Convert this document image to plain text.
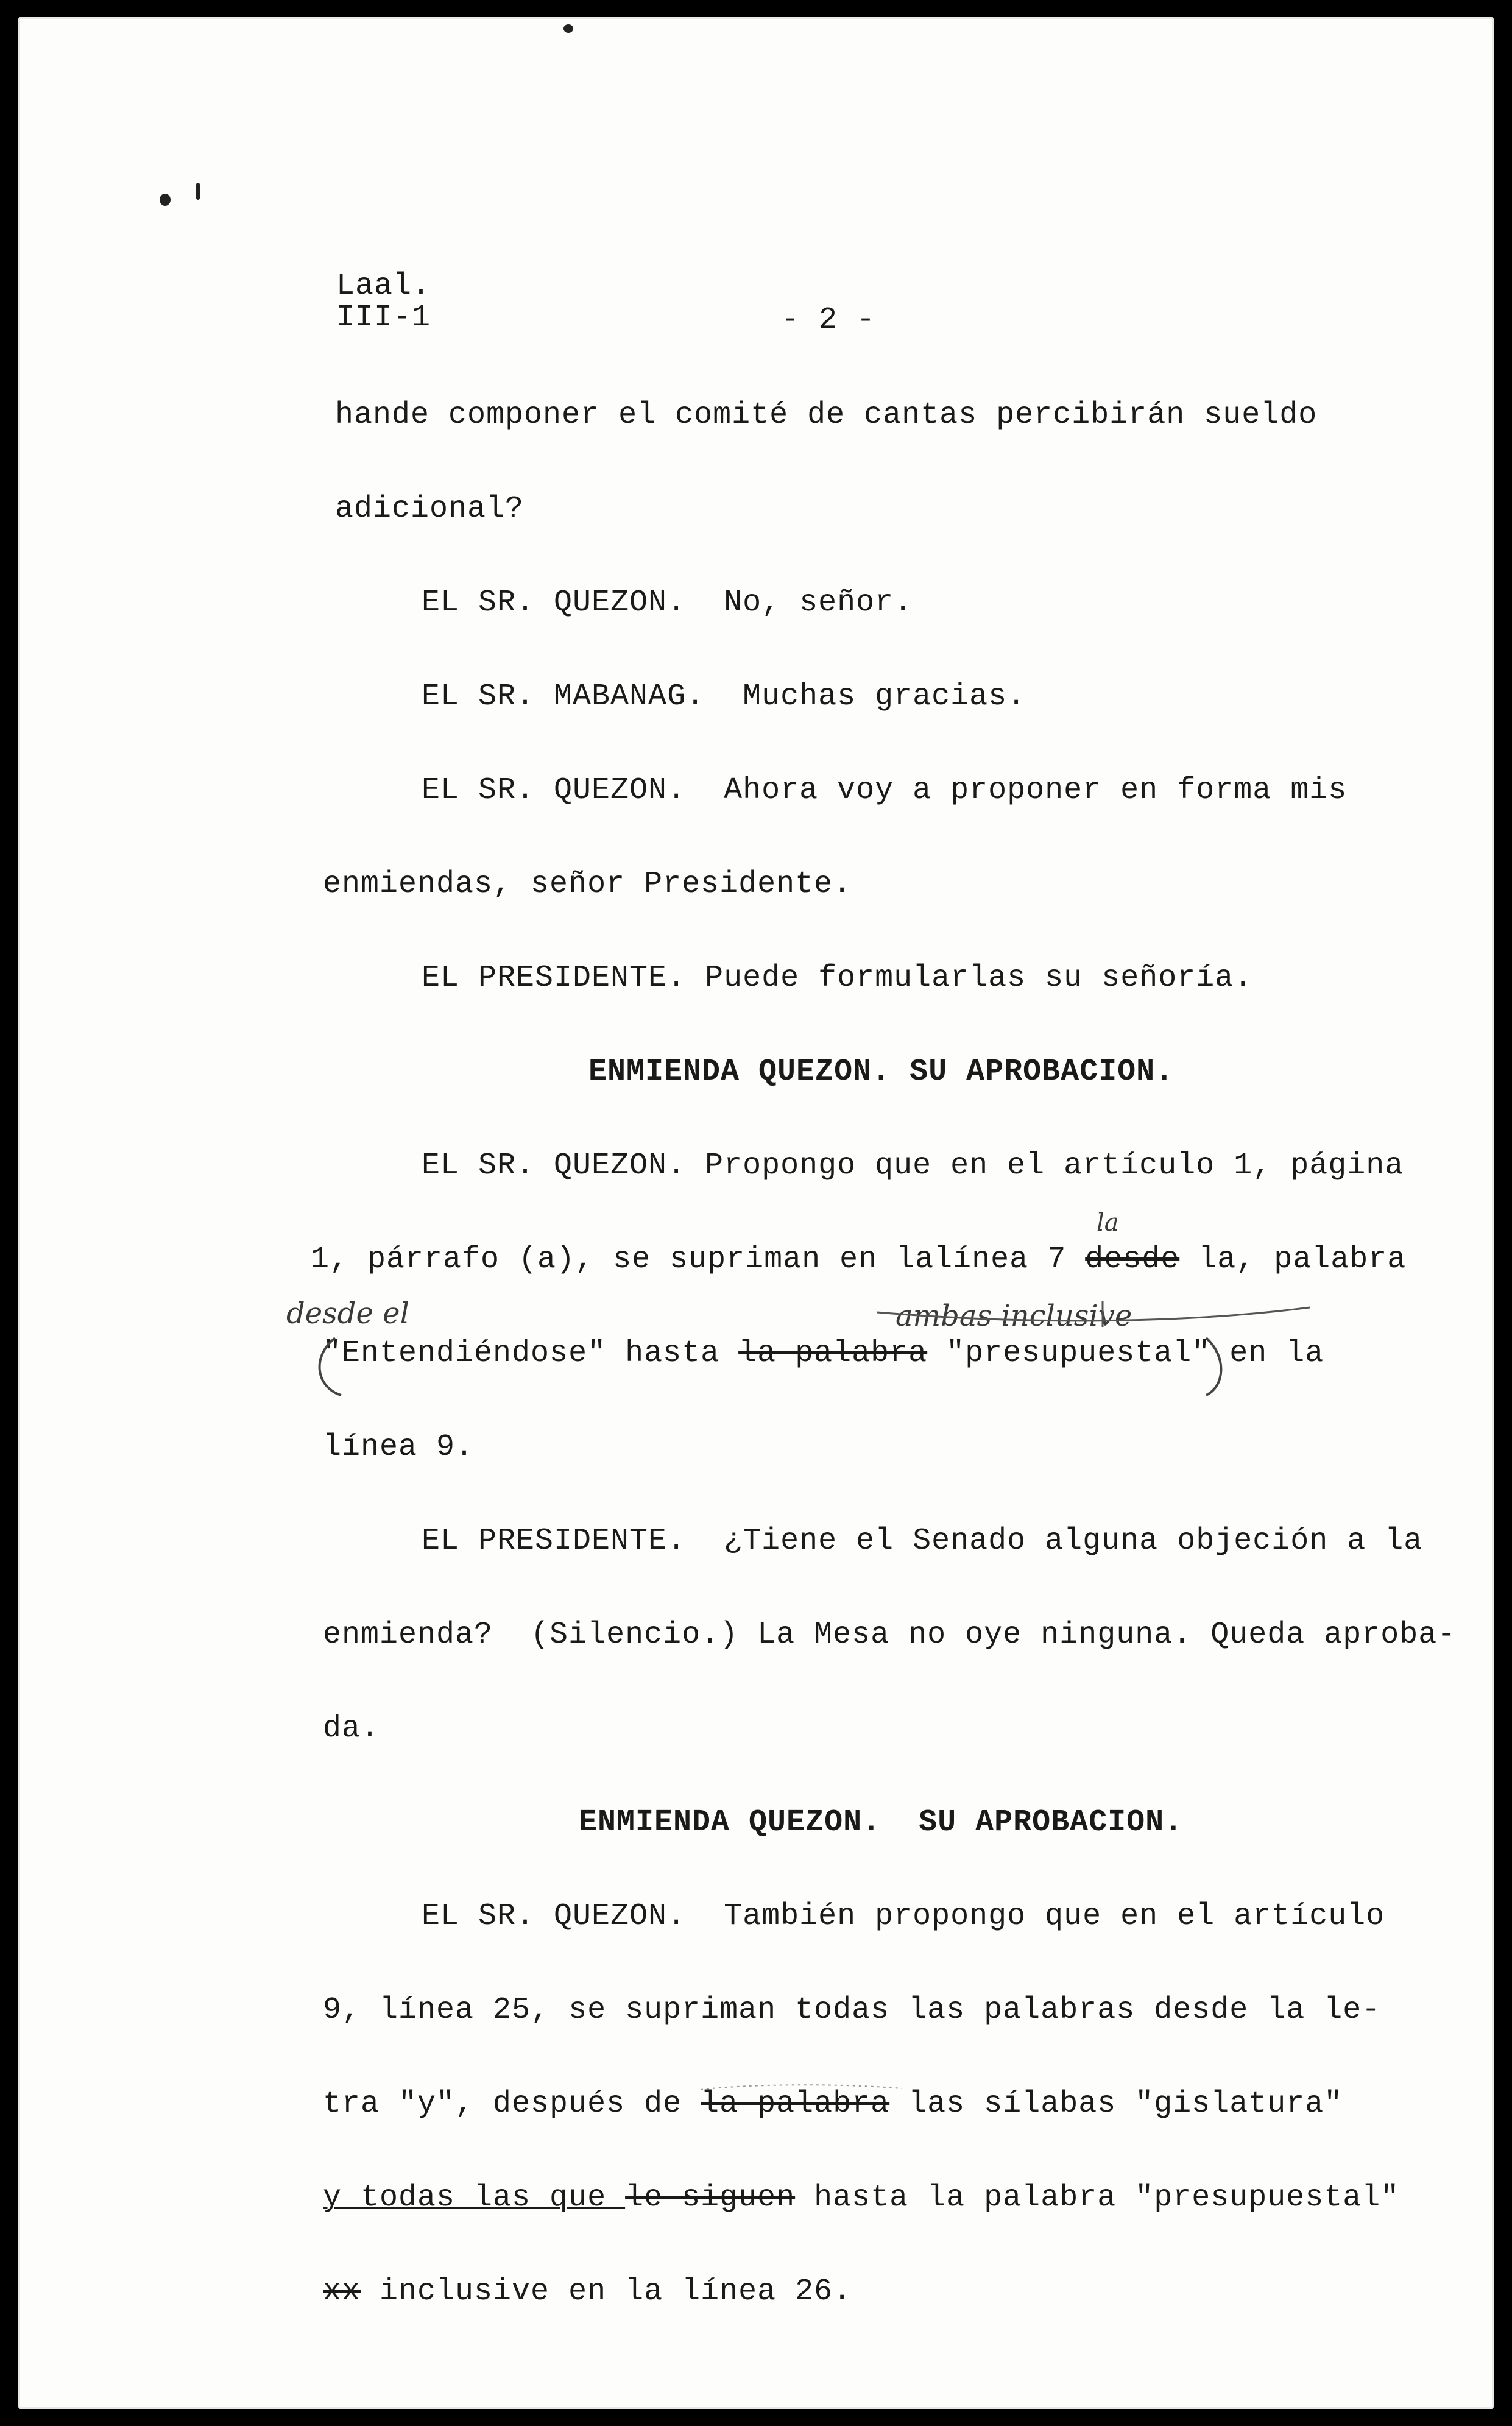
Laal.
III-1	- 2 -
hande componer el comité de cantas percibirán sueldo
adicional?
EL SR. QUEZON.  No, señor.
EL SR. MABANAG.  Muchas gracias.
EL SR. QUEZON.  Ahora voy a proponer en forma mis
enmiendas, señor Presidente.
EL PRESIDENTE. Puede formularlas su señoría.
ENMIENDA QUEZON. SU APROBACION.
EL SR. QUEZON. Propongo que en el artículo 1, página
1, párrafo (a), se supriman en lalínea 7 desde la, palabra
"Entendiéndose" hasta la palabra "presupuestal" en la
línea 9.
desde el
la
ambas inclusive
EL PRESIDENTE.  ¿Tiene el Senado alguna objeción a la
enmienda?  (Silencio.) La Mesa no oye ninguna. Queda aproba-
da.
ENMIENDA QUEZON.  SU APROBACION.
EL SR. QUEZON.  También propongo que en el artículo
9, línea 25, se supriman todas las palabras desde la le-
tra "y", después de la palabra las sílabas "gislatura"
y todas las que le siguen hasta la palabra "presupuestal"
xx inclusive en la línea 26.
